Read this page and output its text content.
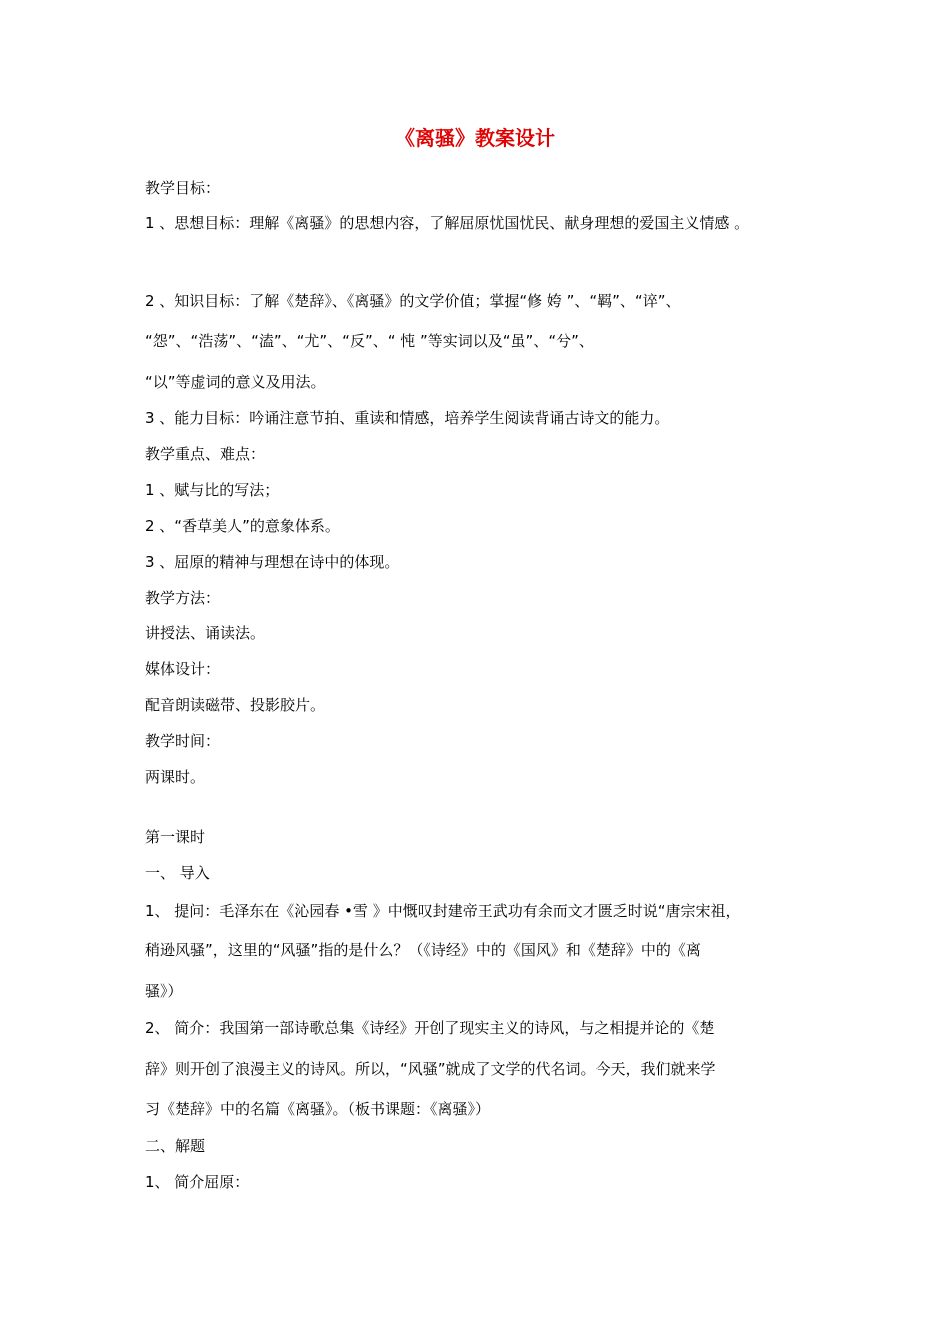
《离骚》教案设计
教学目标：
1 、思想目标：理解《离骚》的思想内容，了解屈原忧国忧民、献身理想的爱国主义情感 。
2 、知识目标：了解《楚辞》、《离骚》的文学价值；掌握“修 姱 ”、“羁”、“谇”、
“怨”、“浩荡”、“溘”、“尤”、“反”、“ 忳 ”等实词以及“虽”、“兮”、
“以”等虚词的意义及用法。
3 、能力目标：吟诵注意节拍、重读和情感，培养学生阅读背诵古诗文的能力。
教学重点、难点：
1 、赋与比的写法；
2 、“香草美人”的意象体系。
3 、屈原的精神与理想在诗中的体现。
教学方法：
讲授法、诵读法。
媒体设计：
配音朗读磁带、投影胶片。
教学时间：
两课时。
第一课时
一、 导入
1、 提问：毛泽东在《沁园春 •雪 》中慨叹封建帝王武功有余而文才匮乏时说“唐宗宋祖，
稍逊风骚”，这里的“风骚”指的是什么？（《诗经》中的《国风》和《楚辞》中的《离
骚》）
2、 简介：我国第一部诗歌总集《诗经》开创了现实主义的诗风，与之相提并论的《楚
辞》则开创了浪漫主义的诗风。所以，“风骚”就成了文学的代名词。今天，我们就来学
习《楚辞》中的名篇《离骚》。（板书课题：《离骚》）
二、解题
1、 简介屈原：
